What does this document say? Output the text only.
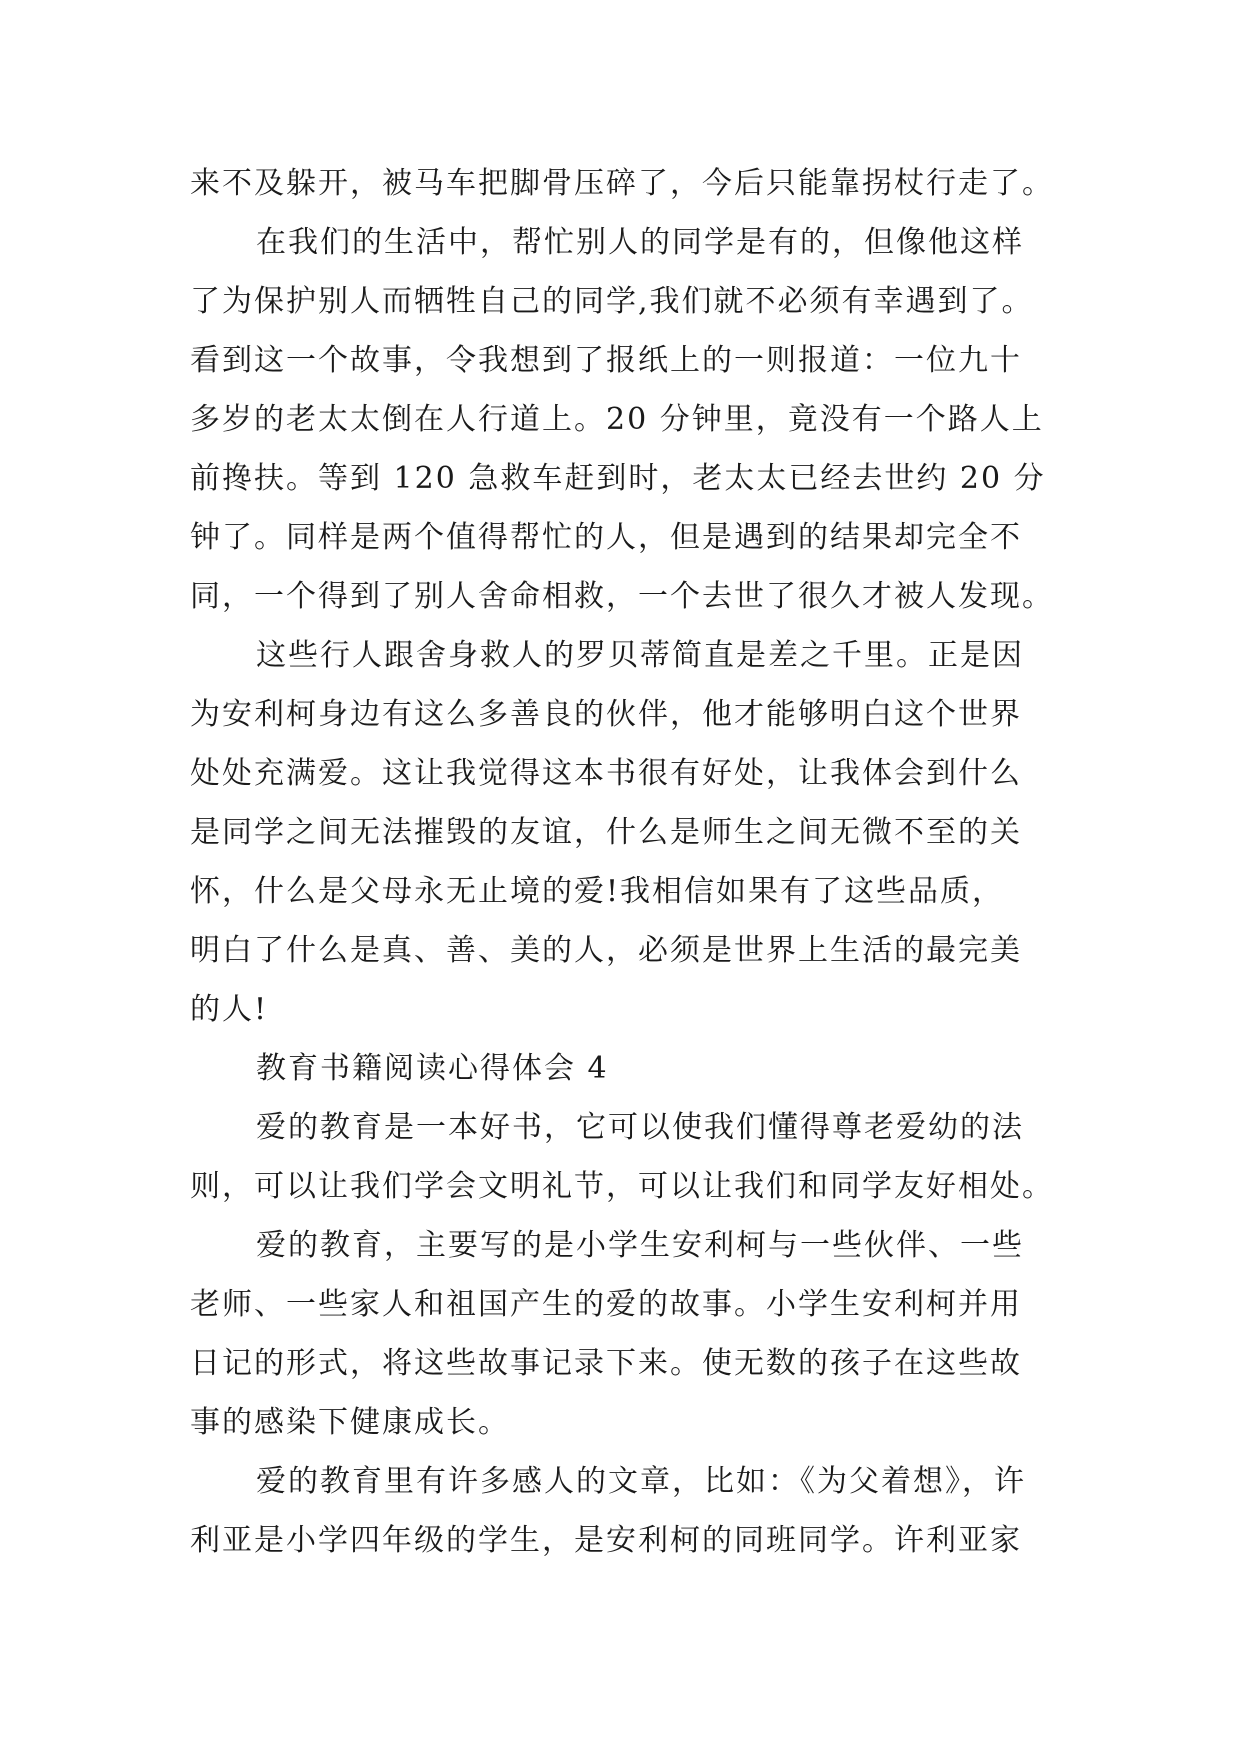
来不及躲开，被马车把脚骨压碎了，今后只能靠拐杖行走了。
在我们的生活中，帮忙别人的同学是有的，但像他这样
了为保护别人而牺牲自己的同学,我们就不必须有幸遇到了。
看到这一个故事，令我想到了报纸上的一则报道：一位九十
多岁的老太太倒在人行道上。20 分钟里，竟没有一个路人上
前搀扶。等到 120 急救车赶到时，老太太已经去世约 20 分
钟了。同样是两个值得帮忙的人，但是遇到的结果却完全不
同，一个得到了别人舍命相救，一个去世了很久才被人发现。
这些行人跟舍身救人的罗贝蒂简直是差之千里。正是因
为安利柯身边有这么多善良的伙伴，他才能够明白这个世界
处处充满爱。这让我觉得这本书很有好处，让我体会到什么
是同学之间无法摧毁的友谊，什么是师生之间无微不至的关
怀，什么是父母永无止境的爱!我相信如果有了这些品质，
明白了什么是真、善、美的人，必须是世界上生活的最完美
的人!
教育书籍阅读心得体会 4
爱的教育是一本好书，它可以使我们懂得尊老爱幼的法
则，可以让我们学会文明礼节，可以让我们和同学友好相处。
爱的教育，主要写的是小学生安利柯与一些伙伴、一些
老师、一些家人和祖国产生的爱的故事。小学生安利柯并用
日记的形式，将这些故事记录下来。使无数的孩子在这些故
事的感染下健康成长。
爱的教育里有许多感人的文章，比如：《为父着想》，许
利亚是小学四年级的学生，是安利柯的同班同学。许利亚家
